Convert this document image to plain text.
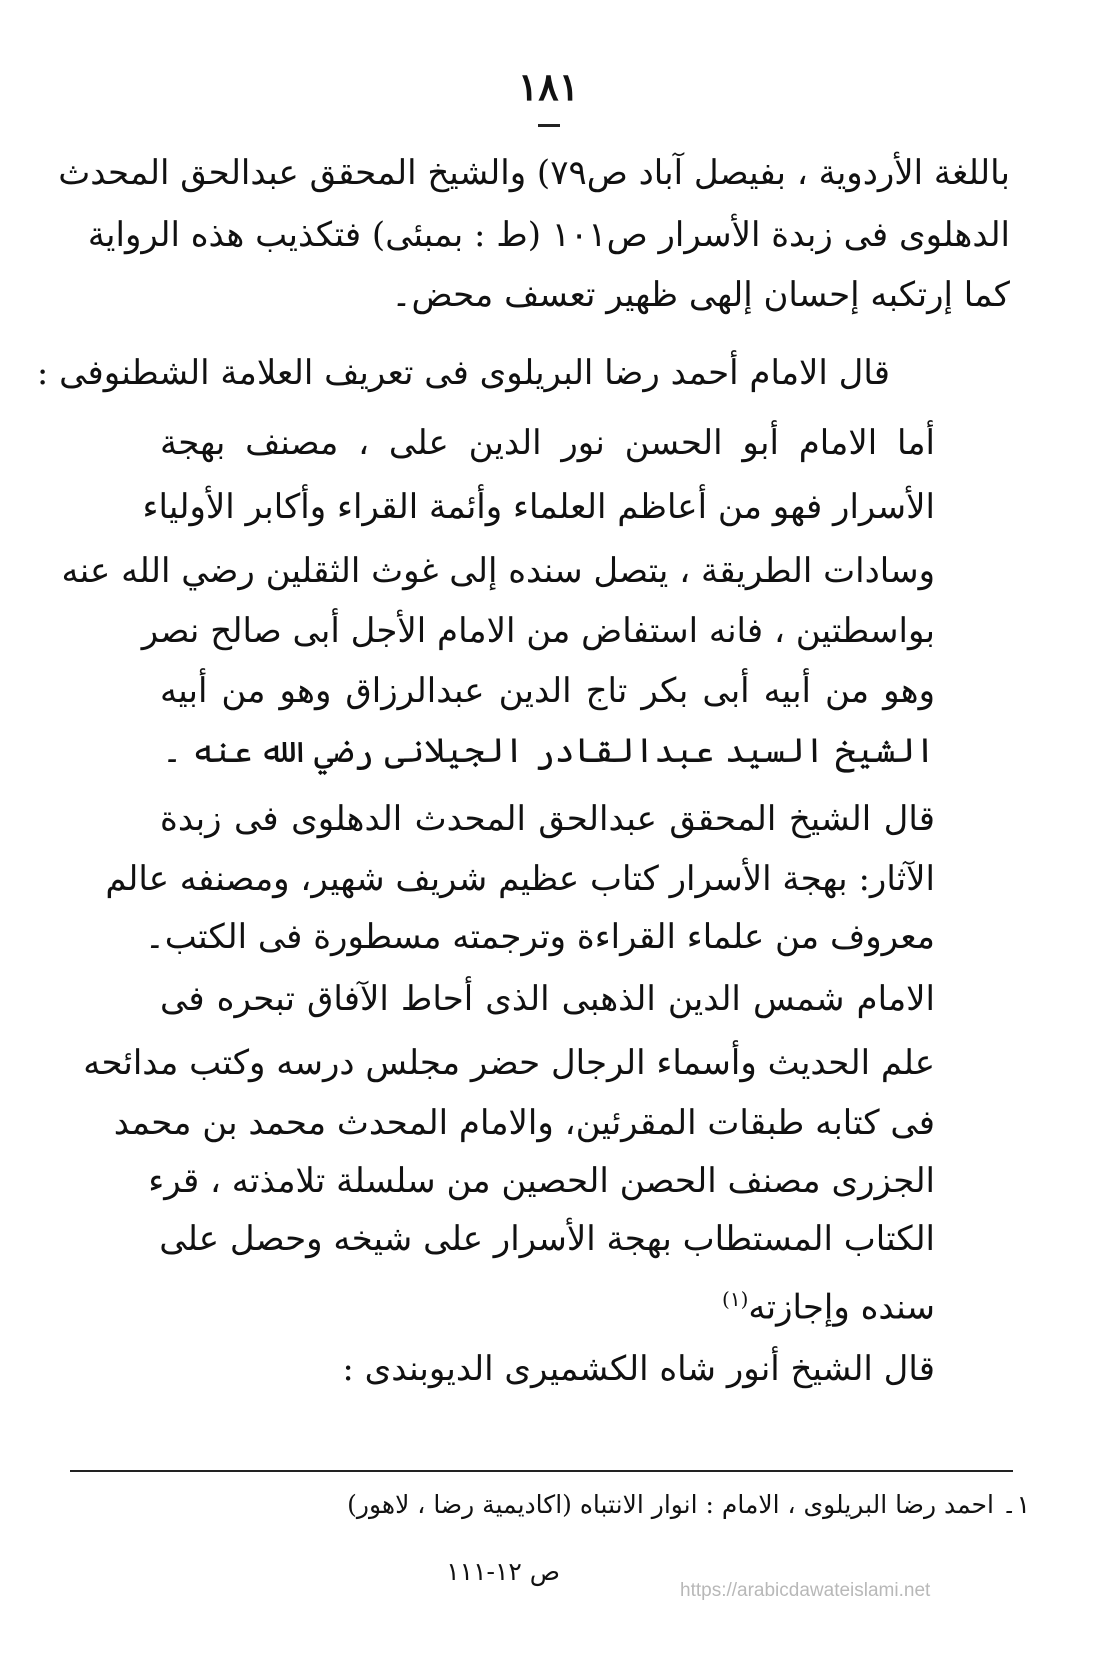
١٨١
باللغة الأردوية ، بفيصل آباد ص٧٩) والشيخ المحقق عبدالحق المحدث
الدهلوى فى زبدة الأسرار ص١٠١ (ط : بمبئى) فتكذيب هذه الرواية
كما إرتكبه إحسان إلهى ظهير تعسف محض۔
قال الامام أحمد رضا البريلوى فى تعريف العلامة الشطنوفى :
أما الامام أبو الحسن نور الدين على ، مصنف بهجة
الأسرار فهو من أعاظم العلماء وأئمة القراء وأكابر الأولياء
وسادات الطريقة ، يتصل سنده إلى غوث الثقلين رضي الله عنه
بواسطتين ، فانه استفاض من الامام الأجل أبى صالح نصر
وهو من أبيه أبى بكر تاج الدين عبدالرزاق وهو من أبيه
الشيخ السيد عبدالقادر الجيلانى رضي الله عنه ۔
قال الشيخ المحقق عبدالحق المحدث الدهلوى فى زبدة
الآثار: بهجة الأسرار كتاب عظيم شريف شهير، ومصنفه عالم
معروف من علماء القراءة وترجمته مسطورة فى الكتب۔
الامام شمس الدين الذهبى الذى أحاط الآفاق تبحره فى
علم الحديث وأسماء الرجال حضر مجلس درسه وكتب مدائحه
فى كتابه طبقات المقرئين، والامام المحدث محمد بن محمد
الجزرى مصنف الحصن الحصين من سلسلة تلامذته ، قرء
الكتاب المستطاب بهجة الأسرار على شيخه وحصل على
سنده وإجازته$^{(١)}$
قال الشيخ أنور شاه الكشميرى الديوبندى :
١۔ احمد رضا البريلوى ، الامام : انوار الانتباه (اكاديمية رضا ، لاهور)
ص ١٢-١١١
https://arabicdawateislami.net
